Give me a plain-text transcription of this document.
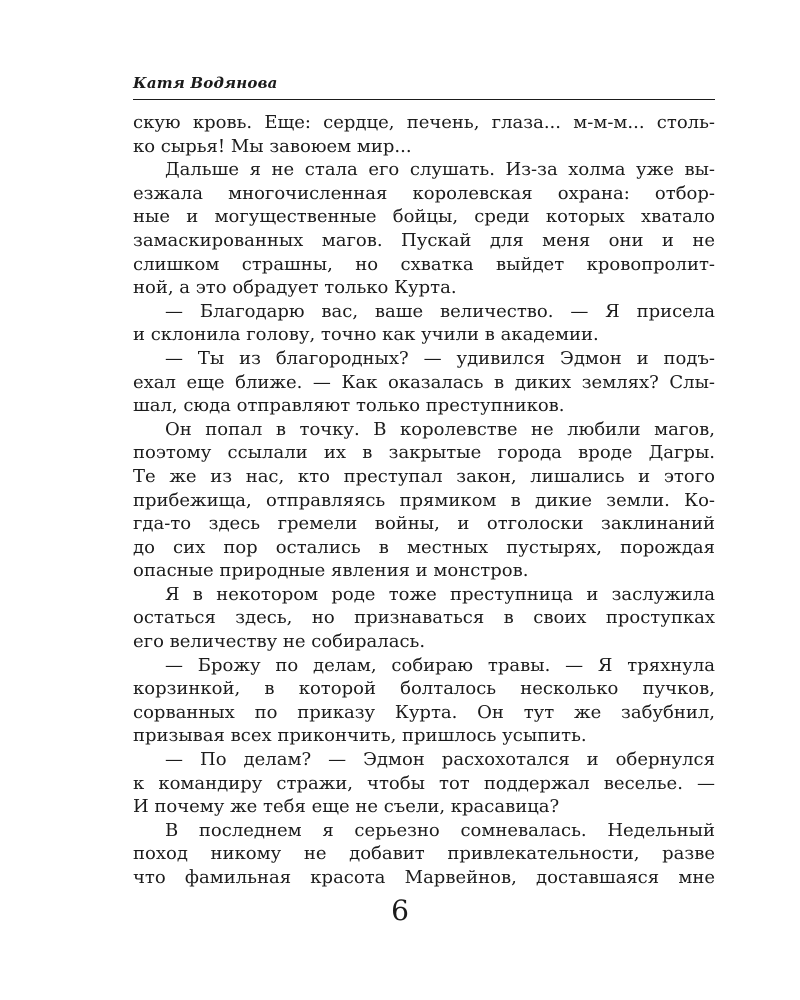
Катя Водянова
скую кровь. Еще: сердце, печень, глаза... м-м-м... столь-
ко сырья! Мы завоюем мир...
Дальше я не стала его слушать. Из-за холма уже вы-
езжала многочисленная королевская охрана: отбор-
ные и могущественные бойцы, среди которых хватало
замаскированных магов. Пускай для меня они и не
слишком страшны, но схватка выйдет кровопролит-
ной, а это обрадует только Курта.
— Благодарю вас, ваше величество. — Я присела
и склонила голову, точно как учили в академии.
— Ты из благородных? — удивился Эдмон и подъ-
ехал еще ближе. — Как оказалась в диких землях? Слы-
шал, сюда отправляют только преступников.
Он попал в точку. В королевстве не любили магов,
поэтому ссылали их в закрытые города вроде Дагры.
Те же из нас, кто преступал закон, лишались и этого
прибежища, отправляясь прямиком в дикие земли. Ко-
гда-то здесь гремели войны, и отголоски заклинаний
до сих пор остались в местных пустырях, порождая
опасные природные явления и монстров.
Я в некотором роде тоже преступница и заслужила
остаться здесь, но признаваться в своих проступках
его величеству не собиралась.
— Брожу по делам, собираю травы. — Я тряхнула
корзинкой, в которой болталось несколько пучков,
сорванных по приказу Курта. Он тут же забубнил,
призывая всех прикончить, пришлось усыпить.
— По делам? — Эдмон расхохотался и обернулся
к командиру стражи, чтобы тот поддержал веселье. —
И почему же тебя еще не съели, красавица?
В последнем я серьезно сомневалась. Недельный
поход никому не добавит привлекательности, разве
что фамильная красота Марвейнов, доставшаяся мне
6
